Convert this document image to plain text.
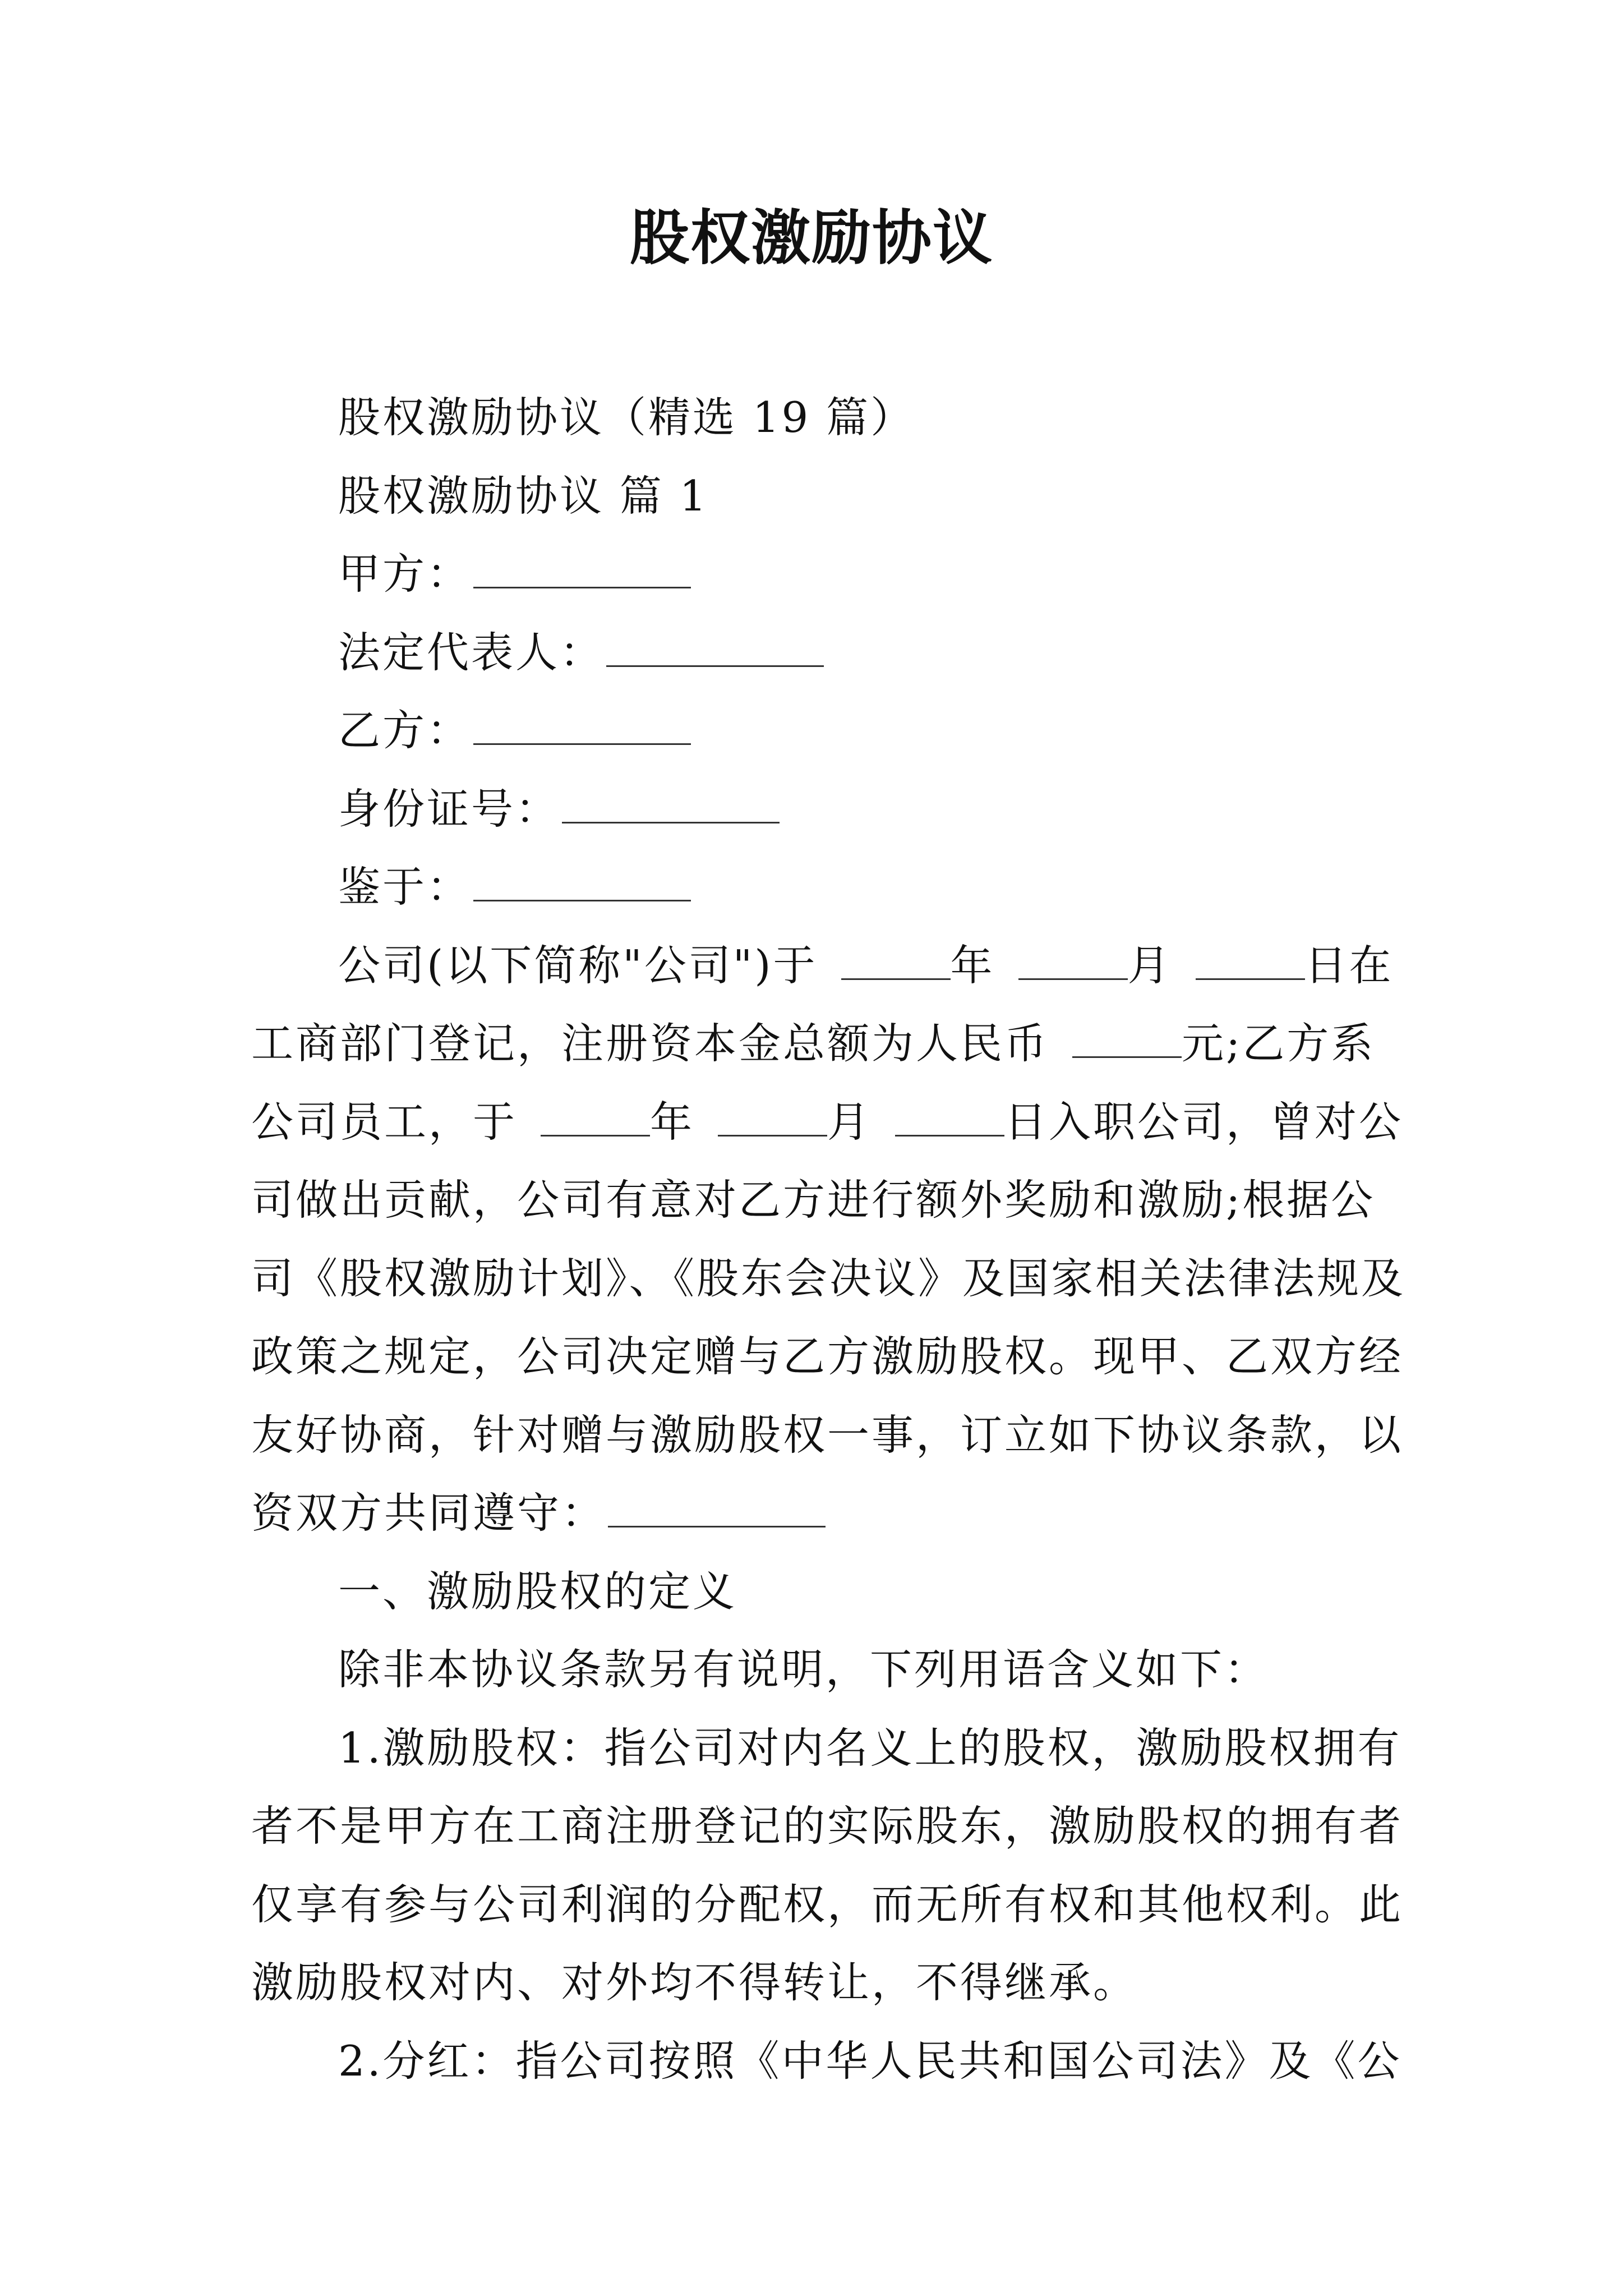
股权激励协议
股权激励协议（精选 19 篇）
股权激励协议 篇 1
甲方：
法定代表人：
乙方：
身份证号：
鉴于：
公司(以下简称"公司")于	年	月	日在
工商部门登记，注册资本金总额为人民币	元;乙方系
公司员工，于	年	月	日入职公司，曾对公
司做出贡献，公司有意对乙方进行额外奖励和激励;根据公
司《股权激励计划》、《股东会决议》及国家相关法律法规及
政策之规定，公司决定赠与乙方激励股权。现甲、乙双方经
友好协商，针对赠与激励股权一事，订立如下协议条款，以
资双方共同遵守：
一、激励股权的定义
除非本协议条款另有说明，下列用语含义如下：
1.激励股权：指公司对内名义上的股权，激励股权拥有
者不是甲方在工商注册登记的实际股东，激励股权的拥有者
仅享有参与公司利润的分配权，而无所有权和其他权利。此
激励股权对内、对外均不得转让，不得继承。
2.分红：指公司按照《中华人民共和国公司法》及《公
